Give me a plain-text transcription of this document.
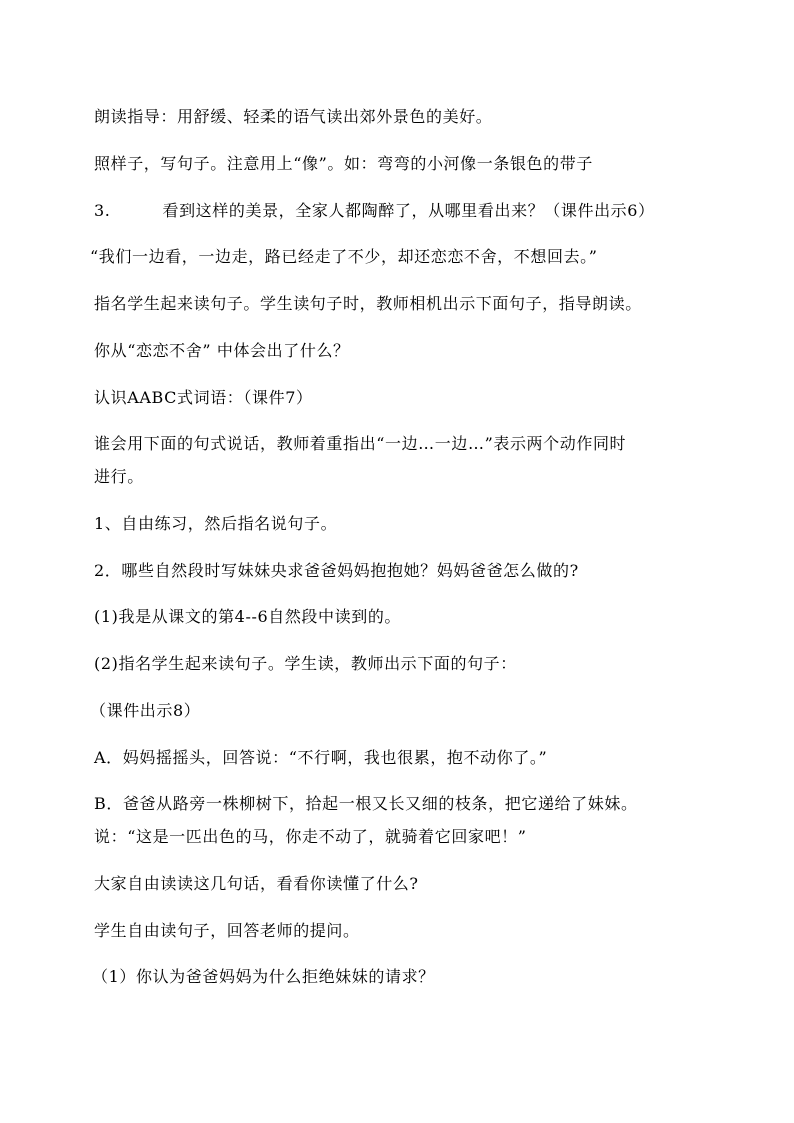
朗读指导：用舒缓、轻柔的语气读出郊外景色的美好。
照样子，写句子。注意用上“像”。如：弯弯的小河像一条银色的带子
3.	看到这样的美景，全家人都陶醉了，从哪里看出来？（课件出示6）
“我们一边看，一边走，路已经走了不少，却还恋恋不舍，不想回去。”
指名学生起来读句子。学生读句子时，教师相机出示下面句子，指导朗读。
你从“恋恋不舍” 中体会出了什么？
认识AABC式词语：（课件7）
谁会用下面的句式说话，教师着重指出“一边…一边…”表示两个动作同时
进行。
1、自由练习，然后指名说句子。
2．哪些自然段时写妹妹央求爸爸妈妈抱抱她？妈妈爸爸怎么做的?
(1)我是从课文的第4--6自然段中读到的。
(2)指名学生起来读句子。学生读，教师出示下面的句子：
（课件出示8）
A．妈妈摇摇头，回答说：“不行啊，我也很累，抱不动你了。”
B．爸爸从路旁一株柳树下，拾起一根又长又细的枝条，把它递给了妹妹。
说：“这是一匹出色的马，你走不动了，就骑着它回家吧！”
大家自由读读这几句话，看看你读懂了什么?
学生自由读句子，回答老师的提问。
（1）你认为爸爸妈妈为什么拒绝妹妹的请求？
